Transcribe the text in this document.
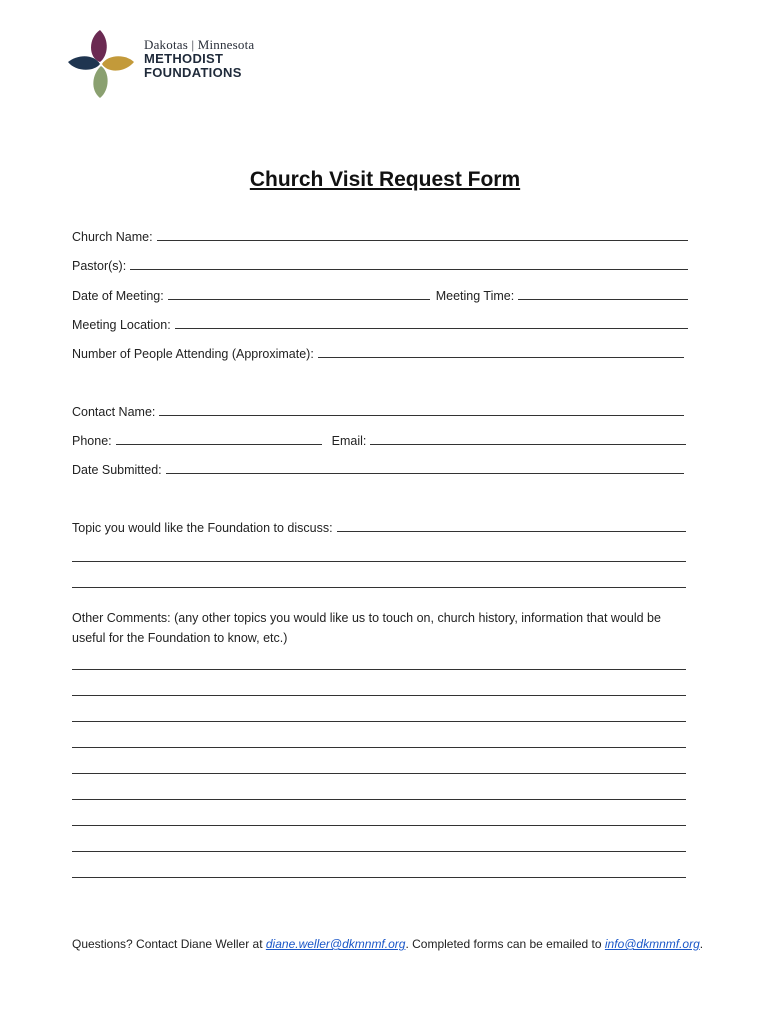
Dakotas | Minnesota
METHODIST
FOUNDATIONS
Church Visit Request Form
Church Name:
Pastor(s):
Date of Meeting:	Meeting Time:
Meeting Location:
Number of People Attending (Approximate):
Contact Name:
Phone:	Email:
Date Submitted:
Topic you would like the Foundation to discuss:
Other Comments: (any other topics you would like us to touch on, church history, information that would be useful for the Foundation to know, etc.)
Questions? Contact Diane Weller at diane.weller@dkmnmf.org. Completed forms can be emailed to info@dkmnmf.org.
